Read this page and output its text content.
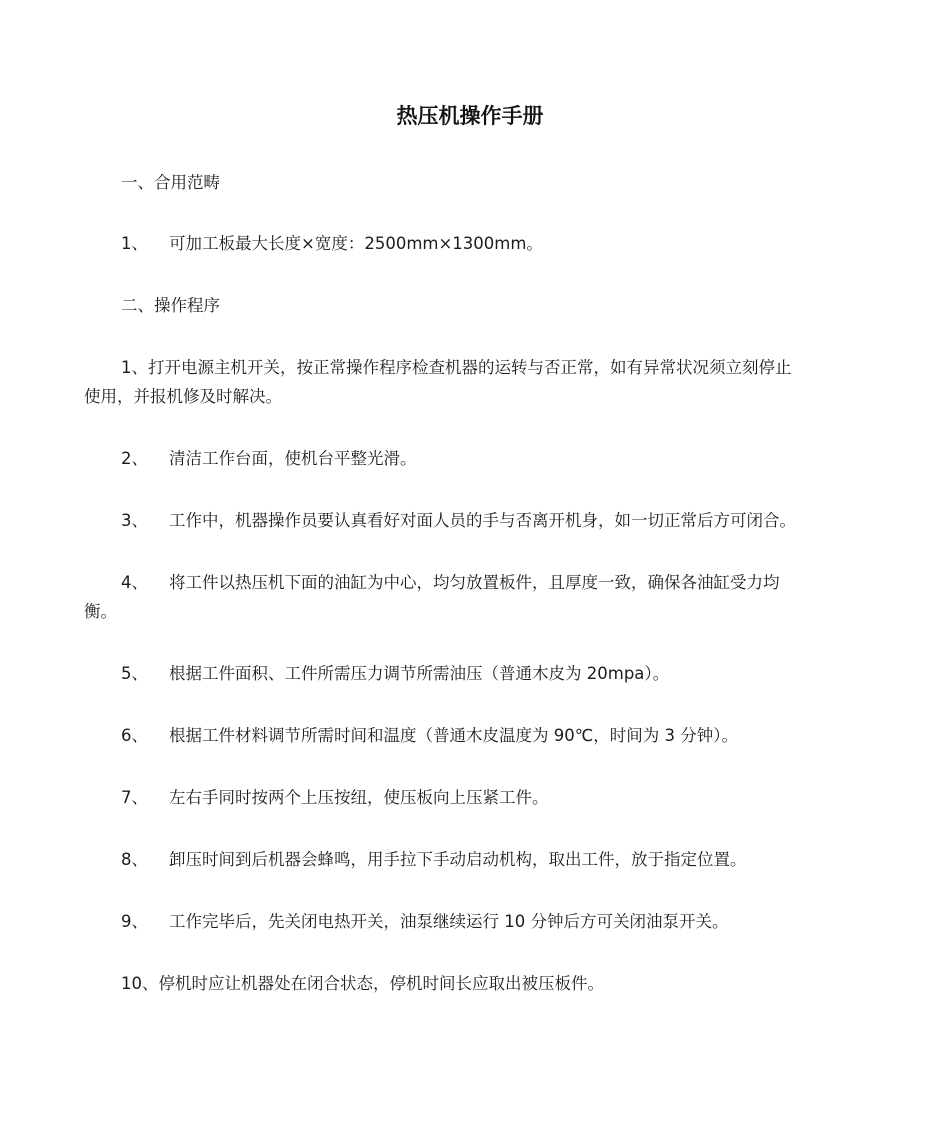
热压机操作手册
一、合用范畴
1、 可加工板最大长度×宽度：2500mm×1300mm。
二、操作程序
1、打开电源主机开关，按正常操作程序检查机器的运转与否正常，如有异常状况须立刻停止
使用，并报机修及时解决。
2、 清洁工作台面，使机台平整光滑。
3、 工作中，机器操作员要认真看好对面人员的手与否离开机身，如一切正常后方可闭合。
4、 将工件以热压机下面的油缸为中心，均匀放置板件，且厚度一致，确保各油缸受力均
衡。
5、 根据工件面积、工件所需压力调节所需油压（普通木皮为 20mpa）。
6、 根据工件材料调节所需时间和温度（普通木皮温度为 90℃，时间为 3 分钟）。
7、 左右手同时按两个上压按纽，使压板向上压紧工件。
8、 卸压时间到后机器会蜂鸣，用手拉下手动启动机构，取出工件，放于指定位置。
9、 工作完毕后，先关闭电热开关，油泵继续运行 10 分钟后方可关闭油泵开关。
10、停机时应让机器处在闭合状态，停机时间长应取出被压板件。
